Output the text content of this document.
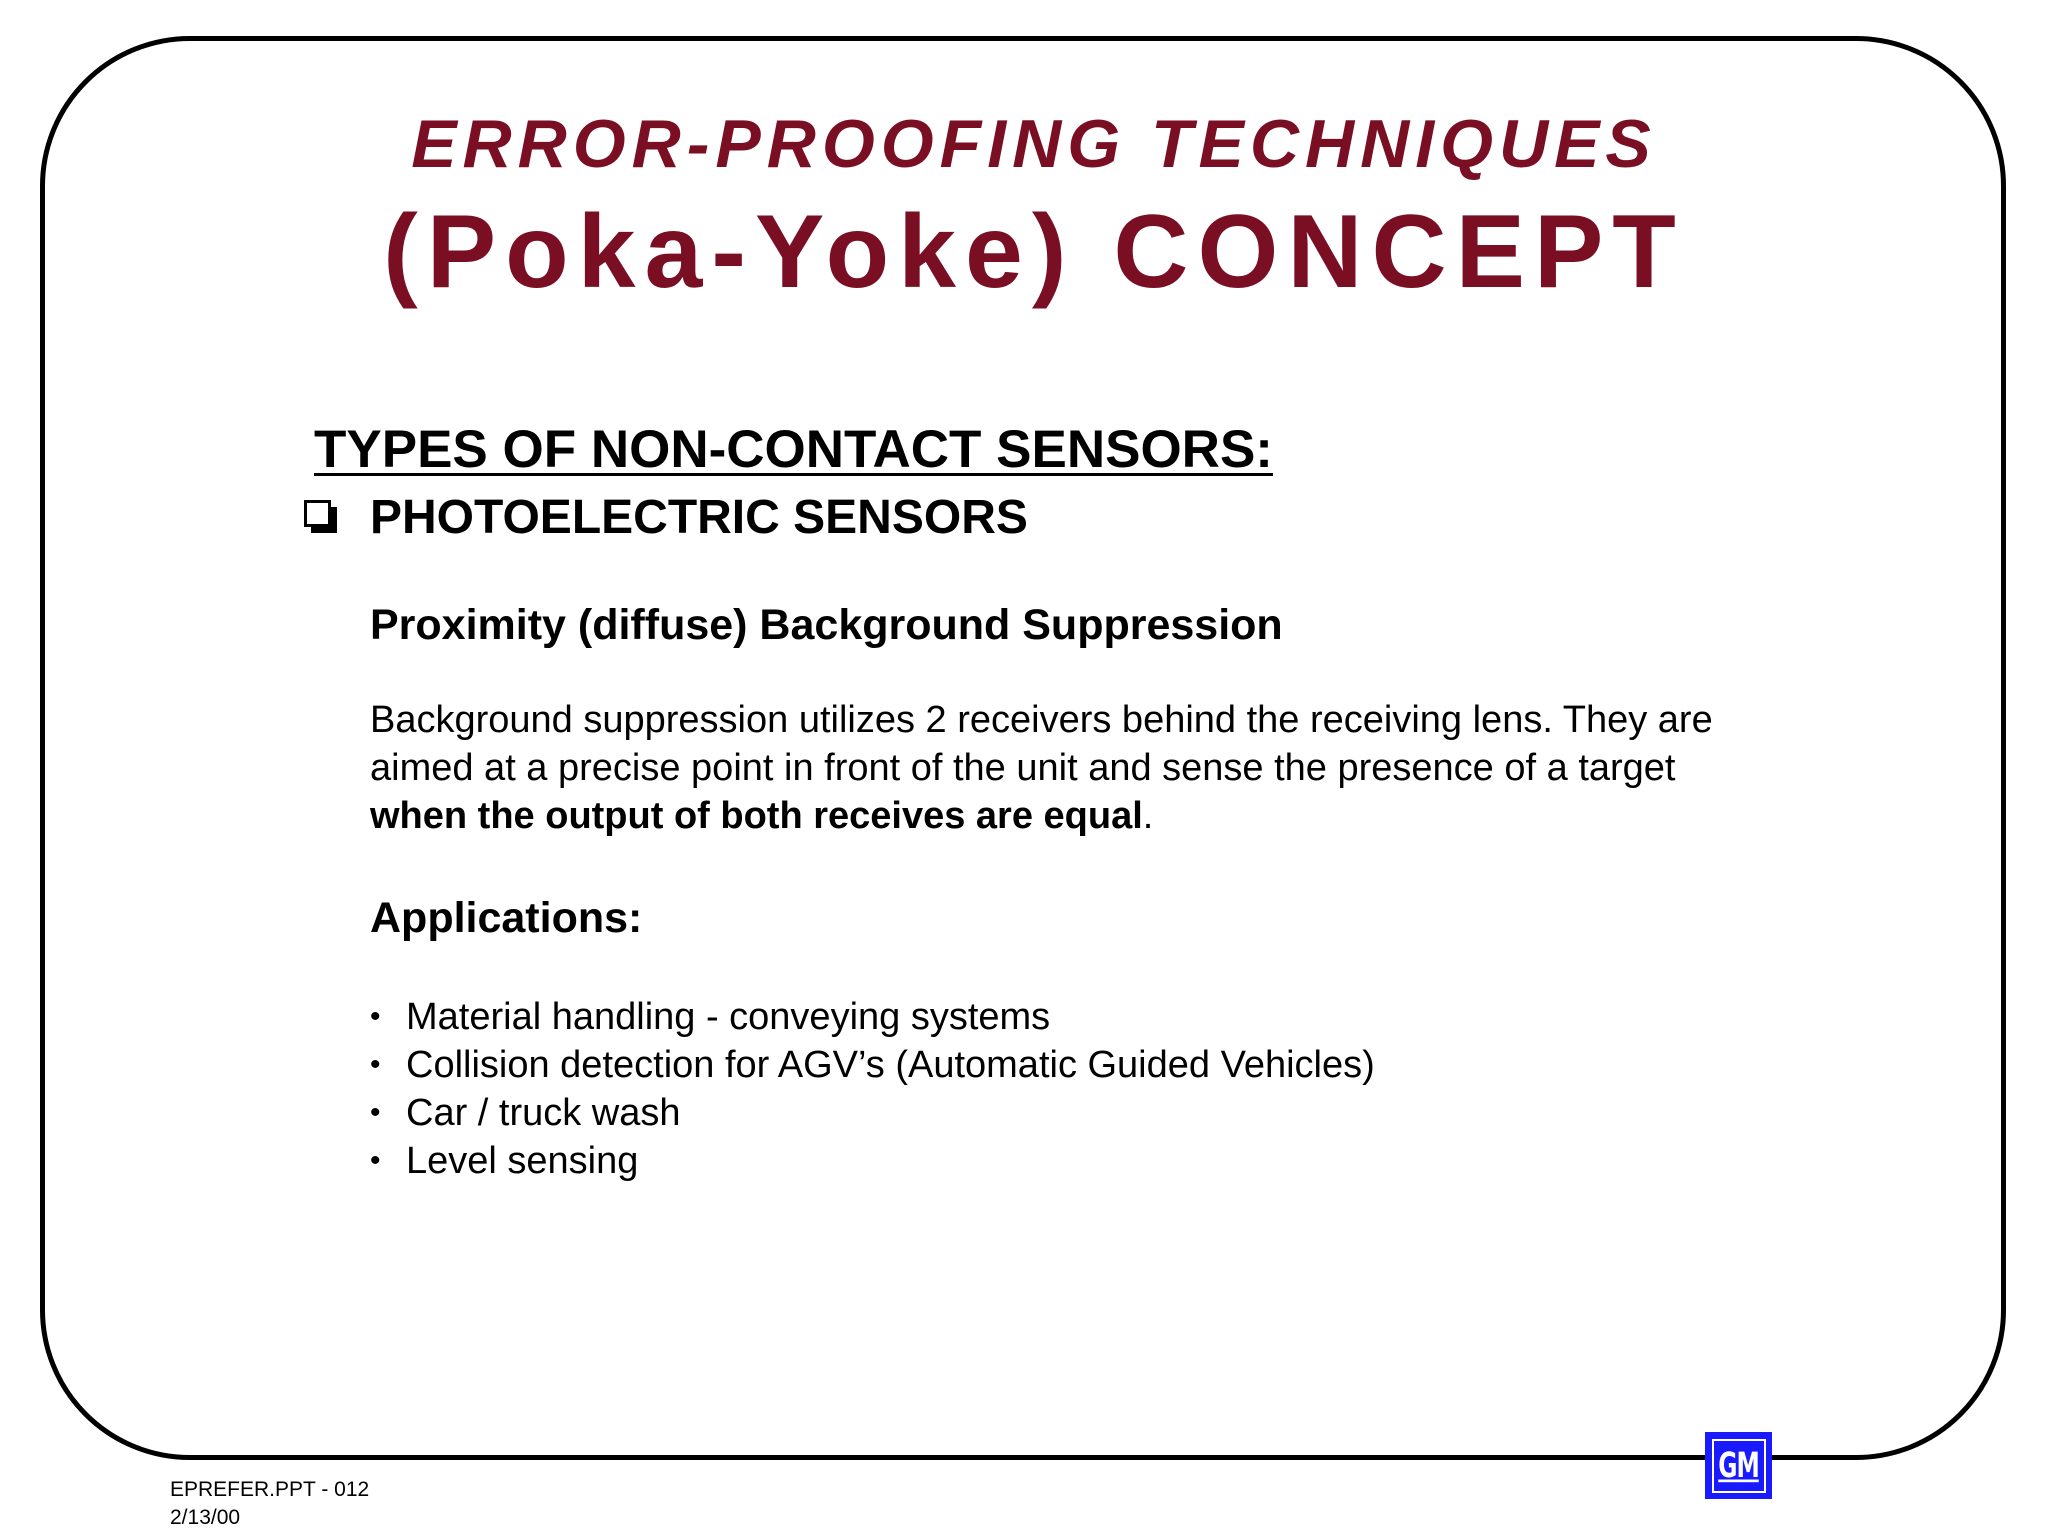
ERROR-PROOFING TECHNIQUES
(Poka-Yoke) CONCEPT
TYPES OF NON-CONTACT SENSORS:
PHOTOELECTRIC SENSORS
Proximity (diffuse) Background Suppression
Background suppression utilizes 2 receivers behind the receiving lens. They are
aimed at a precise point in front of the unit and sense the presence of a target
when the output of both receives are equal.
Applications:
• Material handling - conveying systems
• Collision detection for AGV’s (Automatic Guided Vehicles)
• Car / truck wash
• Level sensing
EPREFER.PPT - 012
2/13/00
GM
